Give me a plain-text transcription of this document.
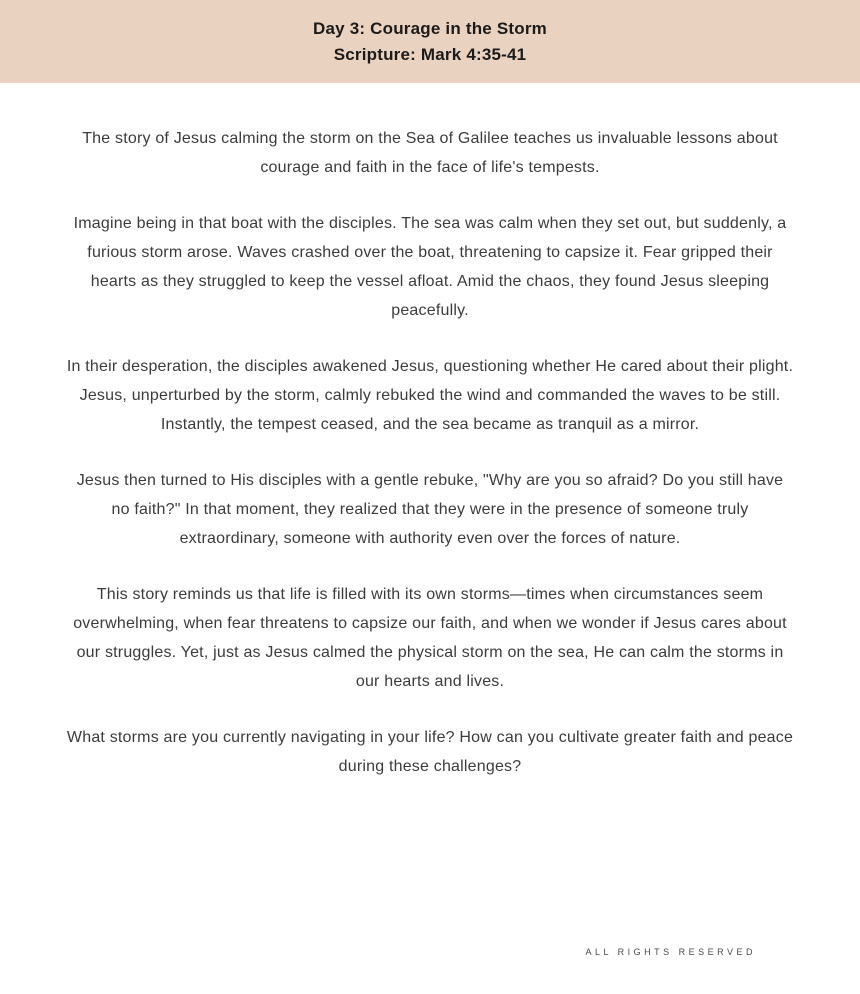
Day 3: Courage in the Storm
Scripture: Mark 4:35-41

The story of Jesus calming the storm on the Sea of Galilee teaches us invaluable lessons about courage and faith in the face of life's tempests.

Imagine being in that boat with the disciples. The sea was calm when they set out, but suddenly, a furious storm arose. Waves crashed over the boat, threatening to capsize it. Fear gripped their hearts as they struggled to keep the vessel afloat. Amid the chaos, they found Jesus sleeping peacefully.

In their desperation, the disciples awakened Jesus, questioning whether He cared about their plight. Jesus, unperturbed by the storm, calmly rebuked the wind and commanded the waves to be still. Instantly, the tempest ceased, and the sea became as tranquil as a mirror.

Jesus then turned to His disciples with a gentle rebuke, "Why are you so afraid? Do you still have no faith?" In that moment, they realized that they were in the presence of someone truly extraordinary, someone with authority even over the forces of nature.

This story reminds us that life is filled with its own storms—times when circumstances seem overwhelming, when fear threatens to capsize our faith, and when we wonder if Jesus cares about our struggles. Yet, just as Jesus calmed the physical storm on the sea, He can calm the storms in our hearts and lives.

What storms are you currently navigating in your life? How can you cultivate greater faith and peace during these challenges?

ALL RIGHTS RESERVED
